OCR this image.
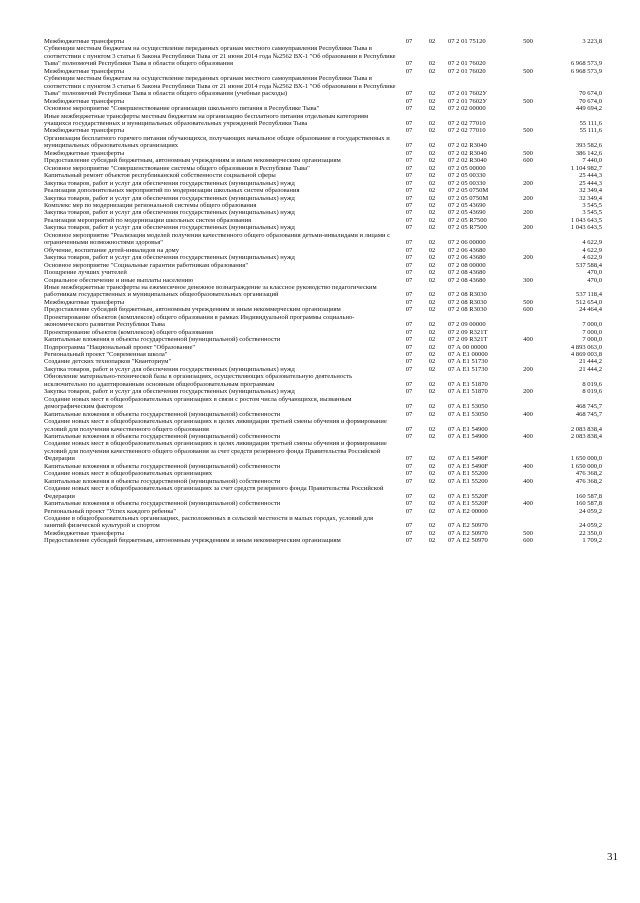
Межбюджетные трансферты	07	02	07 2 01 75120	500	3 223,8
Субвенции местным бюджетам на осуществление переданных органам местного самоуправления Республики Тыва в соответствии с пунктом 3 статьи 6 Закона Республики Тыва от 21 июня 2014 года №2562 ВХ-1 "Об образовании в Республике Тыва" полномочий Республики Тыва в области общего образования	07	02	07 2 01 76020		6 968 573,9
Межбюджетные трансферты	07	02	07 2 01 76020	500	6 968 573,9
Субвенции местным бюджетам на осуществление переданных органам местного самоуправления Республики Тыва в соответствии с пунктом 3 статьи 6 Закона Республики Тыва от 21 июня 2014 года №2562 ВХ-1 "Об образовании в Республике Тыва" полномочий Республики Тыва в области общего образования (учебные расходы)	07	02	07 2 01 7602У		70 674,0
Межбюджетные трансферты	07	02	07 2 01 7602У	500	70 674,0
Основное мероприятие "Совершенствование организации школьного питания в Республике Тыва"	07	02	07 2 02 00000		449 694,2
Иные межбюджетные трансферты местным бюджетам на организацию бесплатного питания отдельным категориям учащихся государственных и муниципальных образовательных учреждений Республики Тыва	07	02	07 2 02 77010		55 111,6
Межбюджетные трансферты	07	02	07 2 02 77010	500	55 111,6
Организация бесплатного горячего питания обучающихся, получающих начальное общее образование в государственных и муниципальных образовательных организациях	07	02	07 2 02 R3040		393 582,6
Межбюджетные трансферты	07	02	07 2 02 R3040	500	386 142,6
Предоставление субсидий бюджетным, автономным учреждениям и иным некоммерческим организациям	07	02	07 2 02 R3040	600	7 440,0
Основное мероприятие "Совершенствование системы общего образования в Республике Тыва"	07	02	07 2 05 00000		1 104 982,7
Капитальный ремонт объектов республиканской собственности социальной сферы	07	02	07 2 05 00330		25 444,3
Закупка товаров, работ и услуг для обеспечения государственных (муниципальных) нужд	07	02	07 2 05 00330	200	25 444,3
Реализация дополнительных мероприятий по модернизации школьных систем образования	07	02	07 2 05 0750М		32 349,4
Закупка товаров, работ и услуг для обеспечения государственных (муниципальных) нужд	07	02	07 2 05 0750М	200	32 349,4
Комплекс мер по модернизации региональной системы общего образования	07	02	07 2 05 43690		3 545,5
Закупка товаров, работ и услуг для обеспечения государственных (муниципальных) нужд	07	02	07 2 05 43690	200	3 545,5
Реализация мероприятий по модернизации школьных систем образования	07	02	07 2 05 R7500		1 043 643,5
Закупка товаров, работ и услуг для обеспечения государственных (муниципальных) нужд	07	02	07 2 05 R7500	200	1 043 643,5
Основное мероприятие "Реализация моделей получения качественного общего образования детьми-инвалидами и лицами с ограниченными возможностями здоровья"	07	02	07 2 06 00000		4 622,9
Обучение, воспитание детей-инвалидов на дому	07	02	07 2 06 43680		4 622,9
Закупка товаров, работ и услуг для обеспечения государственных (муниципальных) нужд	07	02	07 2 06 43680	200	4 622,9
Основное мероприятие "Социальные гарантии работникам образования"	07	02	07 2 08 00000		537 588,4
Поощрение лучших учителей	07	02	07 2 08 43680		470,0
Социальное обеспечение и иные выплаты населению	07	02	07 2 08 43680	300	470,0
Иные межбюджетные трансферты на ежемесячное денежное вознаграждение за классное руководство педагогическим работникам государственных и муниципальных общеобразовательных организаций	07	02	07 2 08 R3030		537 118,4
Межбюджетные трансферты	07	02	07 2 08 R3030	500	512 654,0
Предоставление субсидий бюджетным, автономным учреждениям и иным некоммерческим организациям	07	02	07 2 08 R3030	600	24 464,4
Проектирование объектов (комплексов) общего образования в рамках Индивидуальной программы социально-экономического развития Республики Тыва	07	02	07 2 09 00000		7 000,0
Проектирование объектов (комплексов) общего образования	07	02	07 2 09 R321Т		7 000,0
Капитальные вложения в объекты государственной (муниципальной) собственности	07	02	07 2 09 R321Т	400	7 000,0
Подпрограмма "Национальный проект "Образование"	07	02	07 А 00 00000		4 893 063,0
Региональный проект "Современная школа"	07	02	07 А Е1 00000		4 869 003,8
Создание детских технопарков "Кванториум"	07	02	07 А Е1 51730		21 444,2
Закупка товаров, работ и услуг для обеспечения государственных (муниципальных) нужд	07	02	07 А Е1 51730	200	21 444,2
Обновление материально-технической базы в организациях, осуществляющих образовательную деятельность исключительно по адаптированным основным общеобразовательным программам	07	02	07 А Е1 51870		8 019,6
Закупка товаров, работ и услуг для обеспечения государственных (муниципальных) нужд	07	02	07 А Е1 51870	200	8 019,6
Создание новых мест в общеобразовательных организациях в связи с ростом числа обучающихся, вызванным демографическим фактором	07	02	07 А Е1 53050		468 745,7
Капитальные вложения в объекты государственной (муниципальной) собственности	07	02	07 А Е1 53050	400	468 745,7
Создание новых мест в общеобразовательных организациях в целях ликвидации третьей смены обучения и формирование условий для получения качественного общего образования	07	02	07 А Е1 54900		2 083 838,4
Капитальные вложения в объекты государственной (муниципальной) собственности	07	02	07 А Е1 54900	400	2 083 838,4
Создание новых мест в общеобразовательных организациях в целях ликвидации третьей смены обучения и формирование условий для получения качественного общего образования за счет средств резервного фонда Правительства Российской Федерации	07	02	07 А Е1 5490F		1 650 000,0
Капитальные вложения в объекты государственной (муниципальной) собственности	07	02	07 А Е1 5490F	400	1 650 000,0
Создание новых мест в общеобразовательных организациях	07	02	07 А Е1 55200		476 368,2
Капитальные вложения в объекты государственной (муниципальной) собственности	07	02	07 А Е1 55200	400	476 368,2
Создание новых мест в общеобразовательных организациях за счет средств резервного фонда Правительства Российской Федерации	07	02	07 А Е1 5520F		160 587,8
Капитальные вложения в объекты государственной (муниципальной) собственности	07	02	07 А Е1 5520F	400	160 587,8
Региональный проект "Успех каждого ребенка"	07	02	07 А Е2 00000		24 059,2
Создание в общеобразовательных организациях, расположенных в сельской местности и малых городах, условий для занятий физической культурой и спортом	07	02	07 А Е2 50970		24 059,2
Межбюджетные трансферты	07	02	07 А Е2 50970	500	22 350,0
Предоставление субсидий бюджетным, автономным учреждениям и иным некоммерческим организациям	07	02	07 А Е2 50970	600	1 709,2
31
